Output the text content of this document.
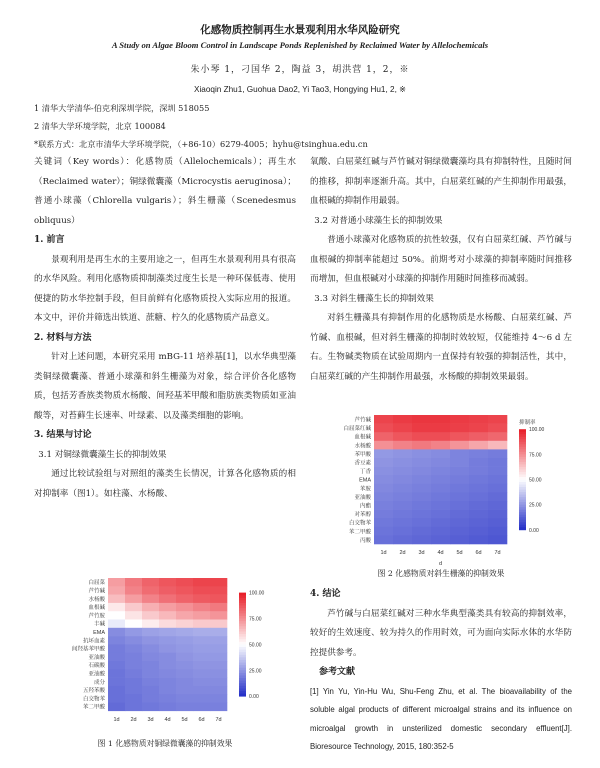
化感物质控制再生水景观利用水华风险研究
A Study on Algae Bloom Control in Landscape Ponds Replenished by Reclaimed Water by Allelochemicals
朱小琴 1，刁国华 2，陶益 3，胡洪营 1，2，※
Xiaoqin Zhu1, Guohua Dao2, Yi Tao3, Hongying Hu1, 2, ※
1 清华大学清华-伯克利深圳学院，深圳 518055
2 清华大学环境学院，北京 100084
*联系方式：北京市清华大学环境学院，（+86-10）6279-4005；hyhu@tsinghua.edu.cn

关键词（Key words）：化感物质（Allelochemicals）；再生水（Reclaimed water）；铜绿微囊藻（Microcystis aeruginosa）；普通小球藻（Chlorella vulgaris）；斜生栅藻（Scenedesmus obliquus）

1. 前言

景观利用是再生水的主要用途之一，但再生水景观利用具有很高的水华风险。利用化感物质抑制藻类过度生长是一种环保低毒、使用便捷的防水华控制手段，但目前鲜有化感物质投入实际应用的报道。本文中，评价并筛选出铁道、蔗糖、柠久的化感物质产品意义。

2. 材料与方法

针对上述问题，本研究采用 mBG-11 培养基[1]，以水华典型藻类铜绿微囊藻、普通小球藻和斜生栅藻为对象，综合评价各化感物质，包括芳香族类物质水杨酸、间羟基苯甲酸和脂肪族类物质如亚油酸等，对苔藓生长速率、叶绿素、以及藻类细胞的影响。

3. 结果与讨论
3.1 对铜绿微囊藻生长的抑制效果

通过比较试验组与对照组的藻类生长情况，计算各化感物质的相对抑制率（图1）。如柱藻、水杨酸、

白屈菜
芦竹碱
水杨酸
血根碱
芦竹胺
丰碱
EMA
抗坏血素
间羟基苯甲酸
亚油酸
石碳酸
亚油酸
成分
五羟苯酸
白交物苯
苯二甲酸
1d 2d 3d 4d 5d 6d 7d
100.00
75.00
50.00
25.00
0.00
图 1 化感物质对铜绿微囊藻的抑制效果

氧酸、白屈菜红碱与芦竹碱对铜绿微囊藻均具有抑制特性，且随时间的推移，抑制率逐渐升高。其中，白屈菜红碱的产生抑制作用最强，血根碱的抑制作用最弱。

3.2 对普通小球藻生长的抑制效果

普通小球藻对化感物质的抗性较强，仅有白屈菜红碱、芦竹碱与血根碱的抑制率能超过 50%。前期考对小球藻的抑制率随时间推移而增加，但血根碱对小球藻的抑制作用随时间推移而减弱。

3.3 对斜生栅藻生长的抑制效果

对斜生栅藻具有抑制作用的化感物质是水杨酸、白屈菜红碱、芦竹碱、血根碱，但对斜生栅藻的抑制时效较短，仅能维持 4～6 d 左右。生物碱类物质在试验周期内一直保持有较强的抑制活性，其中，白屈菜红碱的产生抑制作用最强，水杨酸的抑制效果最弱。

芦竹碱
白屈菜红碱
血根碱
水杨酸
苯甲酸
香豆素
丁香
EMA
苯胺
亚油酸
内酯
对苯醇
白交物苯
苯二甲酸
丙酸
1d 2d 3d 4d 5d 6d 7d
d
100.00
75.00
50.00
25.00
0.00
抑制率
图 2 化感物质对斜生栅藻的抑制效果
4. 结论

芦竹碱与白屈菜红碱对三种水华典型藻类具有较高的抑制效率，较好的生效速度、较为持久的作用时效，可为面向实际水体的水华防控提供参考。

参考文献

[1] Yin Yu, Yin-Hu Wu, Shu-Feng Zhu, et al. The bioavailability of the soluble algal products of different microalgal strains and its influence on microalgal growth in unsterilized domestic secondary effluent[J]. Bioresource Technology, 2015, 180:352-5
